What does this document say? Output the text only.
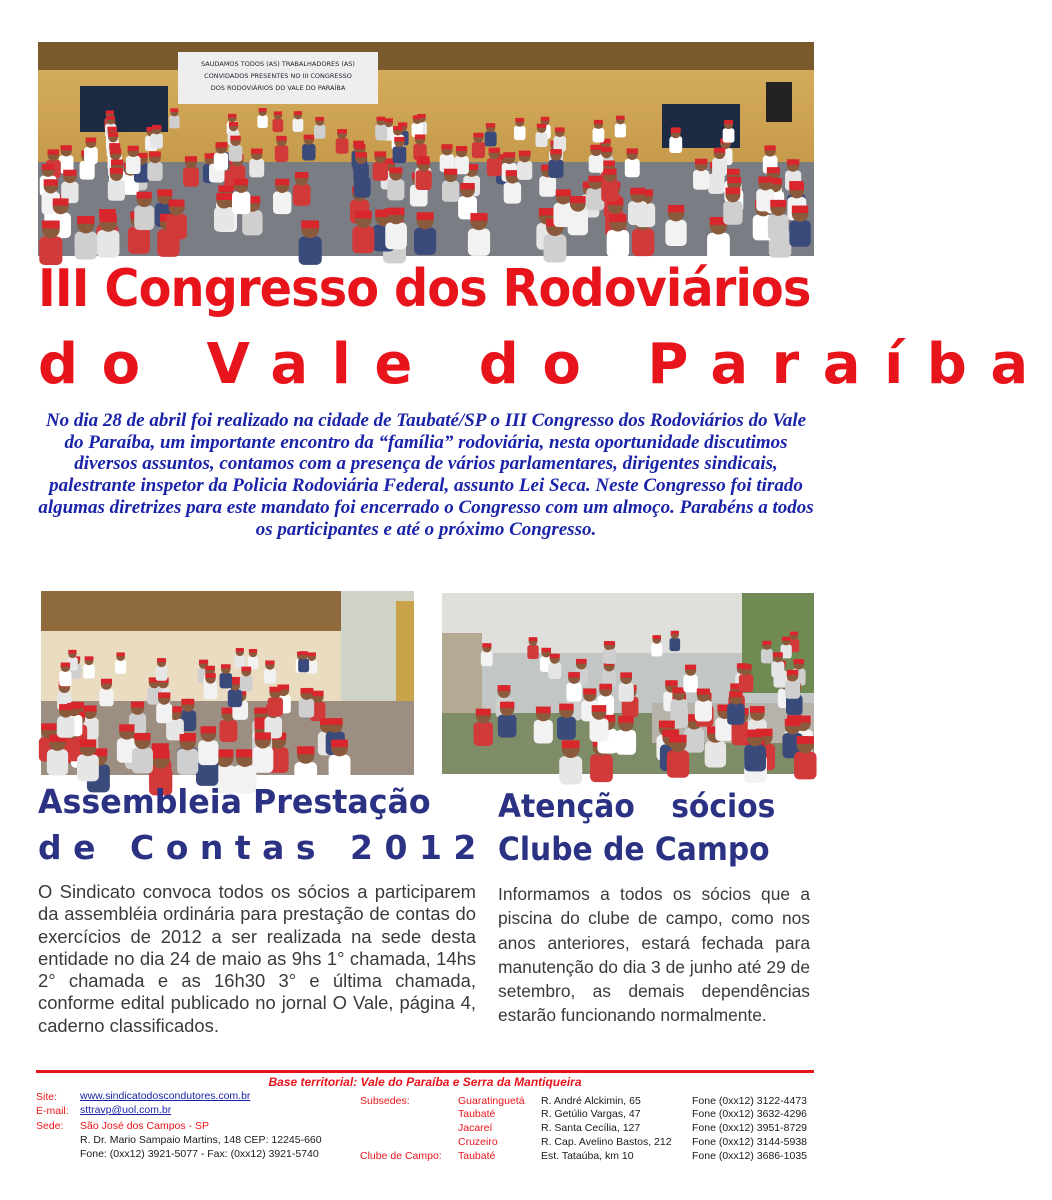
SAUDAMOS TODOS (AS) TRABALHADORES (AS)
CONVIDADOS PRESENTES NO III CONGRESSO
DOS RODOVIÁRIOS DO VALE DO PARAÍBA
III Congresso dos Rodoviários
do Vale do Paraíba
No dia 28 de abril foi realizado na cidade de Taubaté/SP o III Congresso dos Rodoviários do Vale do Paraíba, um importante encontro da “família” rodoviária, nesta oportunidade discutimos diversos assuntos, contamos com a presença de vários parlamentares, dirigentes sindicais, palestrante inspetor da Policia Rodoviária Federal, assunto Lei Seca. Neste Congresso foi tirado algumas diretrizes para este mandato foi encerrado o Congresso com um almoço. Parabéns a todos os participantes e até o próximo Congresso.
Assembleia Prestação
de Contas 2012
Atenção sócios
Clube de Campo
O Sindicato convoca todos os sócios a participarem da assembléia ordinária para prestação de contas do exercícios de 2012 a ser realizada na sede desta entidade no dia 24 de maio as 9hs 1° chamada, 14hs 2° chamada e as 16h30 3° e última chamada, conforme edital publicado no jornal O Vale, página 4, caderno classificados.
Informamos a todos os sócios que a piscina do clube de campo, como nos anos anteriores, estará fechada para manutenção do dia 3 de junho até 29 de setembro, as demais dependências estarão funcionando normalmente.
Base territorial: Vale do Paraíba e Serra da Mantiqueira
Site: www.sindicatodoscondutores.com.br
E-mail: sttravp@uol.com.br
Sede: São José dos Campos - SP
R. Dr. Mario Sampaio Martins, 148 CEP: 12245-660
Fone: (0xx12) 3921-5077 - Fax: (0xx12) 3921-5740
Subsedes:
Clube de Campo:
Guaratinguetá
Taubaté
Jacareí
Cruzeiro
Taubaté
R. André Alckimin, 65
R. Getúlio Vargas, 47
R. Santa Cecília, 127
R. Cap. Avelino Bastos, 212
Est. Tataúba, km 10
Fone (0xx12) 3122-4473
Fone (0xx12) 3632-4296
Fone (0xx12) 3951-8729
Fone (0xx12) 3144-5938
Fone (0xx12) 3686-1035
